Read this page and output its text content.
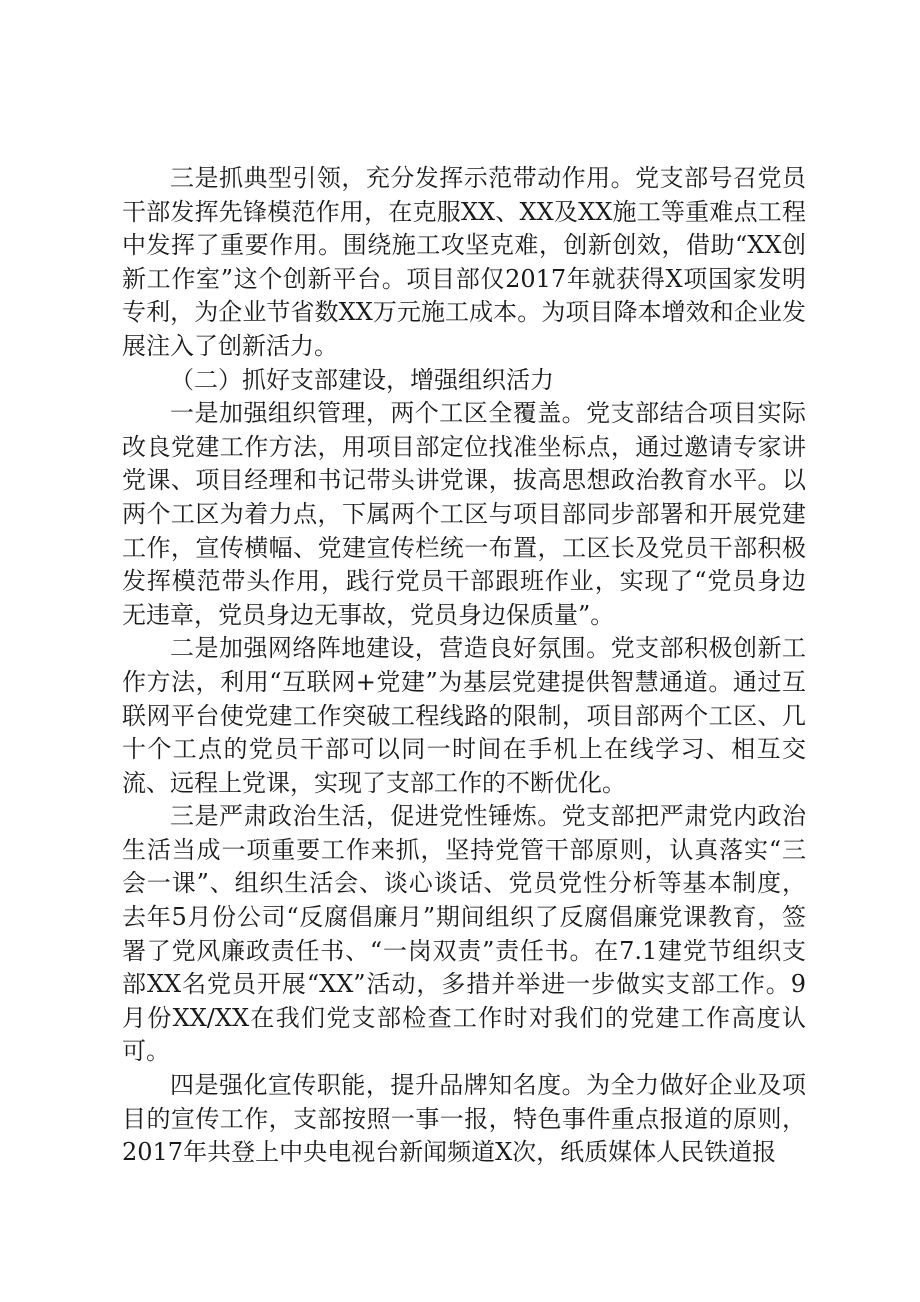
三是抓典型引领，充分发挥示范带动作用。党支部号召党员干部发挥先锋模范作用，在克服XX、XX及XX施工等重难点工程中发挥了重要作用。围绕施工攻坚克难，创新创效，借助“XX创新工作室”这个创新平台。项目部仅2017年就获得X项国家发明专利，为企业节省数XX万元施工成本。为项目降本增效和企业发展注入了创新活力。

（二）抓好支部建设，增强组织活力

一是加强组织管理，两个工区全覆盖。党支部结合项目实际改良党建工作方法，用项目部定位找准坐标点，通过邀请专家讲党课、项目经理和书记带头讲党课，拔高思想政治教育水平。以两个工区为着力点，下属两个工区与项目部同步部署和开展党建工作，宣传横幅、党建宣传栏统一布置，工区长及党员干部积极发挥模范带头作用，践行党员干部跟班作业，实现了“党员身边无违章，党员身边无事故，党员身边保质量”。

二是加强网络阵地建设，营造良好氛围。党支部积极创新工作方法，利用“互联网+党建”为基层党建提供智慧通道。通过互联网平台使党建工作突破工程线路的限制，项目部两个工区、几十个工点的党员干部可以同一时间在手机上在线学习、相互交流、远程上党课，实现了支部工作的不断优化。

三是严肃政治生活，促进党性锤炼。党支部把严肃党内政治生活当成一项重要工作来抓，坚持党管干部原则，认真落实“三会一课”、组织生活会、谈心谈话、党员党性分析等基本制度，去年5月份公司“反腐倡廉月”期间组织了反腐倡廉党课教育，签署了党风廉政责任书、“一岗双责”责任书。在7.1建党节组织支部XX名党员开展“XX”活动，多措并举进一步做实支部工作。9月份XX/XX在我们党支部检查工作时对我们的党建工作高度认可。

四是强化宣传职能，提升品牌知名度。为全力做好企业及项目的宣传工作，支部按照一事一报，特色事件重点报道的原则，2017年共登上中央电视台新闻频道X次，纸质媒体人民铁道报
